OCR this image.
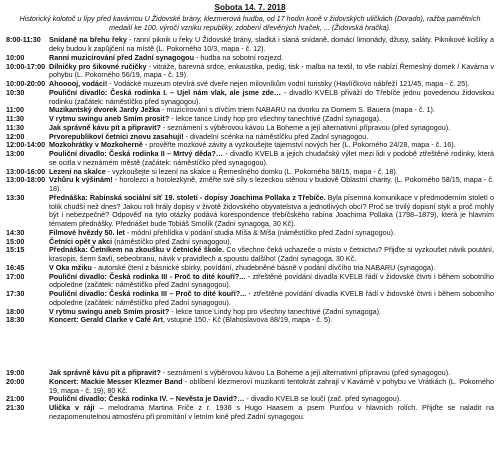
Sobota 14. 7. 2018
Historický kolotoč u lípy před kavárnou U Židovské brány, klezmerová hudba, od 17 hodin koně v židovských uličkách (Dorado), ražba pamětních medailí ke 100. výročí vzniku republiky, zdobení dřevěných hraček, ... (Židovská hračka).
8:00-11:30	Snídaně na břehu řeky - ranní piknik u řeky U Židovské brány, sladká i slaná snídaně, domácí limonády, džusy, saláty. Piknikové košíky a deky budou k zapůjčení na místě (L. Pokorného 10/3, mapa - č. 12).
10:00	Ranní muzicírování před Zadní synagogou - hudba na sobotní rozjezd.
10:00-17:00 Dílničky pro šikovné ručičky - vitráže, barevná srdce, enkaustika, pedig, tisk - malba na textil, to vše nabízí Řemeslný domek / Kavárna v pohybu (L. Pokorného 56/19, mapa - č. 19).
10:00-20:00 Ahooooj, vodáci! - Vodácké muzeum otevírá své dveře nejen milovníkům vodní turistiky (Havlíčkovo nábřeží 121/45, mapa - č. 25).
10:30	Pouliční divadlo: Česká rodinka I. – Ujel nám vlak, ale jsme zde… - divadlo KVELB přiváží do Třebíče jednu povedenou židovskou rodinku (začátek: náměstíčko před synagogou).
11:00	Muzikantský dvorek Jardy Ježka - muzicírování s dívčím triem NABARU na dvorku za Domem S. Bauera (mapa - č. 1).
11:30	V rytmu swingu aneb Smím prosit? - lekce tance Lindy hop pro všechny tanechtivé (Zadní synagoga).
11:30	Jak správně kávu pít a připravit? - seznámení s výběrovou kávou La Boheme a její alternativní přípravou (před synagogou).
12:00	Prvorepublikoví četníci znovu zasahují! - divadelní scénka na náměstíčku před Zadní synagogou.
12:00-14:00 Mozkohrátky v Mozkoherně - prověřte mozkové závity a vyzkoušejte tajemství nových her (L. Pokorného 24/28, mapa - č. 16).
13:00	Pouliční divadlo: Česká rodinka II – Mrtvý děda?… - divadlo KVELB a jejich chudačský výlet mezi lidi v podobě ztřeštěné rodinky, která se ocitla v neznámém městě (začátek: náměstíčko před synagogou).
13:00-16:00 Lezení na skalce - vyzkoušejte si lezení na skalce u Řemeslného domku (L. Pokorného 58/15, mapa - č. 18).
13:00-18:00 Vzhůru k výšinám! - horolezci a horolezkyně, změřte své síly s lezeckou stěnou v budově Oblastní charity. (L. Pokorného 58/15, mapa - č. 18).
13:30	Přednáška: Rabínská sociální síť 19. století - dopisy Joachima Pollaka z Třebíče. Byla písemná komunikace v předmoderním století o tolik chudší než dnes? Jakou roli hrály dopisy v životě židovského obyvatelstva a jednotlivých obcí? Proč se trvilý dopisní styk a proč mohly být i nebezpečné? Odpověď na tyto otázky podává korespondence třebíčského rabína Joachima Pollaka (1798–1879), která je hlavním tématem přednášky. Přednášet bude Tobiáš Smolík (Zadní synagoga, 30 Kč).
14:30	Filmové hvězdy 50. let - módní přehlídka v podání studia Míša & Míša (náměstíčko před Zadní synagogou).
15:00	Četníci opět v akci (náměstíčko před Zadní synagogou).
15:15	Přednáška: Četníkem na zkoušku v četnické škole. Co všechno čeká uchazeče o místo v četnictvu? Přijďte si vyzkoušet návik poutání, krasopis, šerm šavlí, sebeobranu, návik v pravidlech a spoustu dalšího! (Zadní synagoga, 30 Kč.
16:45	V Oka mžiku - autorské čtení z básnické sbírky, povídání, zhudebněné básně v podání dívčího tria NABARU (synagoga).
17:00	Pouliční divadlo: Česká rodinka III - Proč to dité kouří?... - ztřeštěné povídání divadla KVELB řádí v židovské čtvrti i během sobotního odpoledne (začátek: náměstíčko před Zadní synagogou).
17:30	Pouliční divadlo: Česká rodinka III – Proč to dité kouří?... - ztřeštěné povídání divadla KVELB řádí v židovské čtvrti i během sobotního odpoledne (začátek: náměstíčko před Zadní synagogou).
18:00	V rytmu swingu aneb Smím prosit? - lekce tance Lindy hop pro všechny tanechtivé (Zadní synagoga).
18:30	Koncert: Gerald Clarke v Café Art, vstupné 150,- Kč (Blahoslavova 88/19, mapa - č. 5).
19:00	Jak správně kávu pít a připravit? - seznámení s výběrovou kávou La Boheme a její alternativní přípravou (před synagogou).
20:00	Koncert: Mackie Messer Klezmer Band - oblíbení klezmeroví muzikanti tentokrát zahrají v Kavárně v pohybu ve Vrátkách (L. Pokorného 19, mapa - č. 19), 80 Kč.
21:00	Pouliční divadlo: Česká rodinka IV. – Nevěsta je David?… - divadlo KVELB se loučí (zač. před synagogou).
21:30	Ulička v ráji – melodrama Martina Friče z r. 1936 s Hugo Haasem a psem Punťou v hlavních rolích. Přijďte se naladit na nezapomenutelnou atmosféru při promítání v letním kině před Zadní synagogou.
